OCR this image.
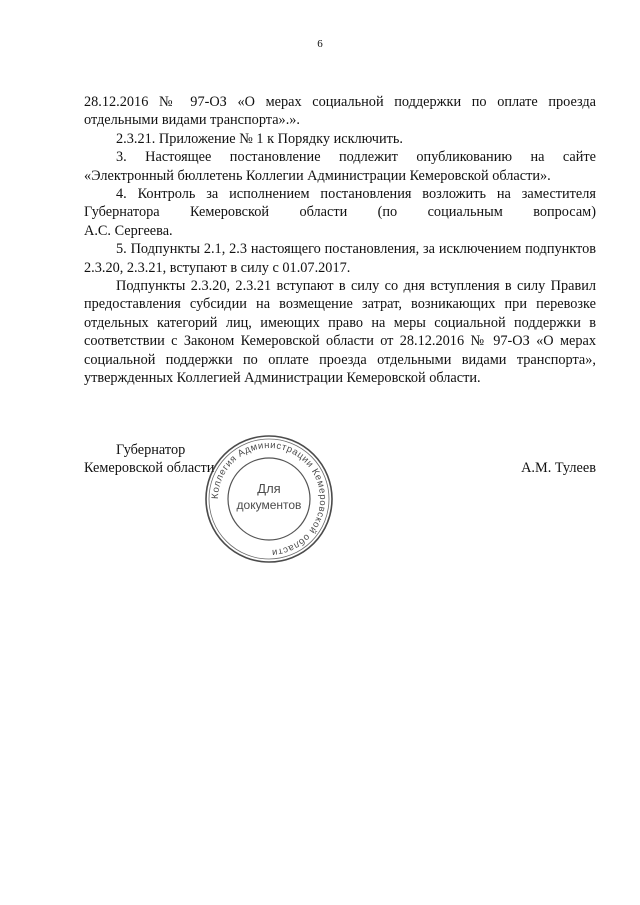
6

28.12.2016 № 97-ОЗ «О мерах социальной поддержки по оплате проезда отдельными видами транспорта».».

2.3.21. Приложение № 1 к Порядку исключить.

3. Настоящее постановление подлежит опубликованию на сайте «Электронный бюллетень Коллегии Администрации Кемеровской области».

4. Контроль за исполнением постановления возложить на заместителя Губернатора Кемеровской области (по социальным вопросам)

А.С. Сергеева.

5. Подпункты 2.1, 2.3 настоящего постановления, за исключением подпунктов 2.3.20, 2.3.21, вступают в силу с 01.07.2017.

Подпункты 2.3.20, 2.3.21 вступают в силу со дня вступления в силу Правил предоставления субсидии на возмещение затрат, возникающих при перевозке отдельных категорий лиц, имеющих право на меры социальной поддержки в соответствии с Законом Кемеровской области от 28.12.2016 № 97-ОЗ «О мерах социальной поддержки по оплате проезда отдельными видами транспорта», утвержденных Коллегией Администрации Кемеровской области.

Губернатор
Кемеровской области	А.М. Тулеев
Коллегия Администрации Кемеровской области
Для
документов
